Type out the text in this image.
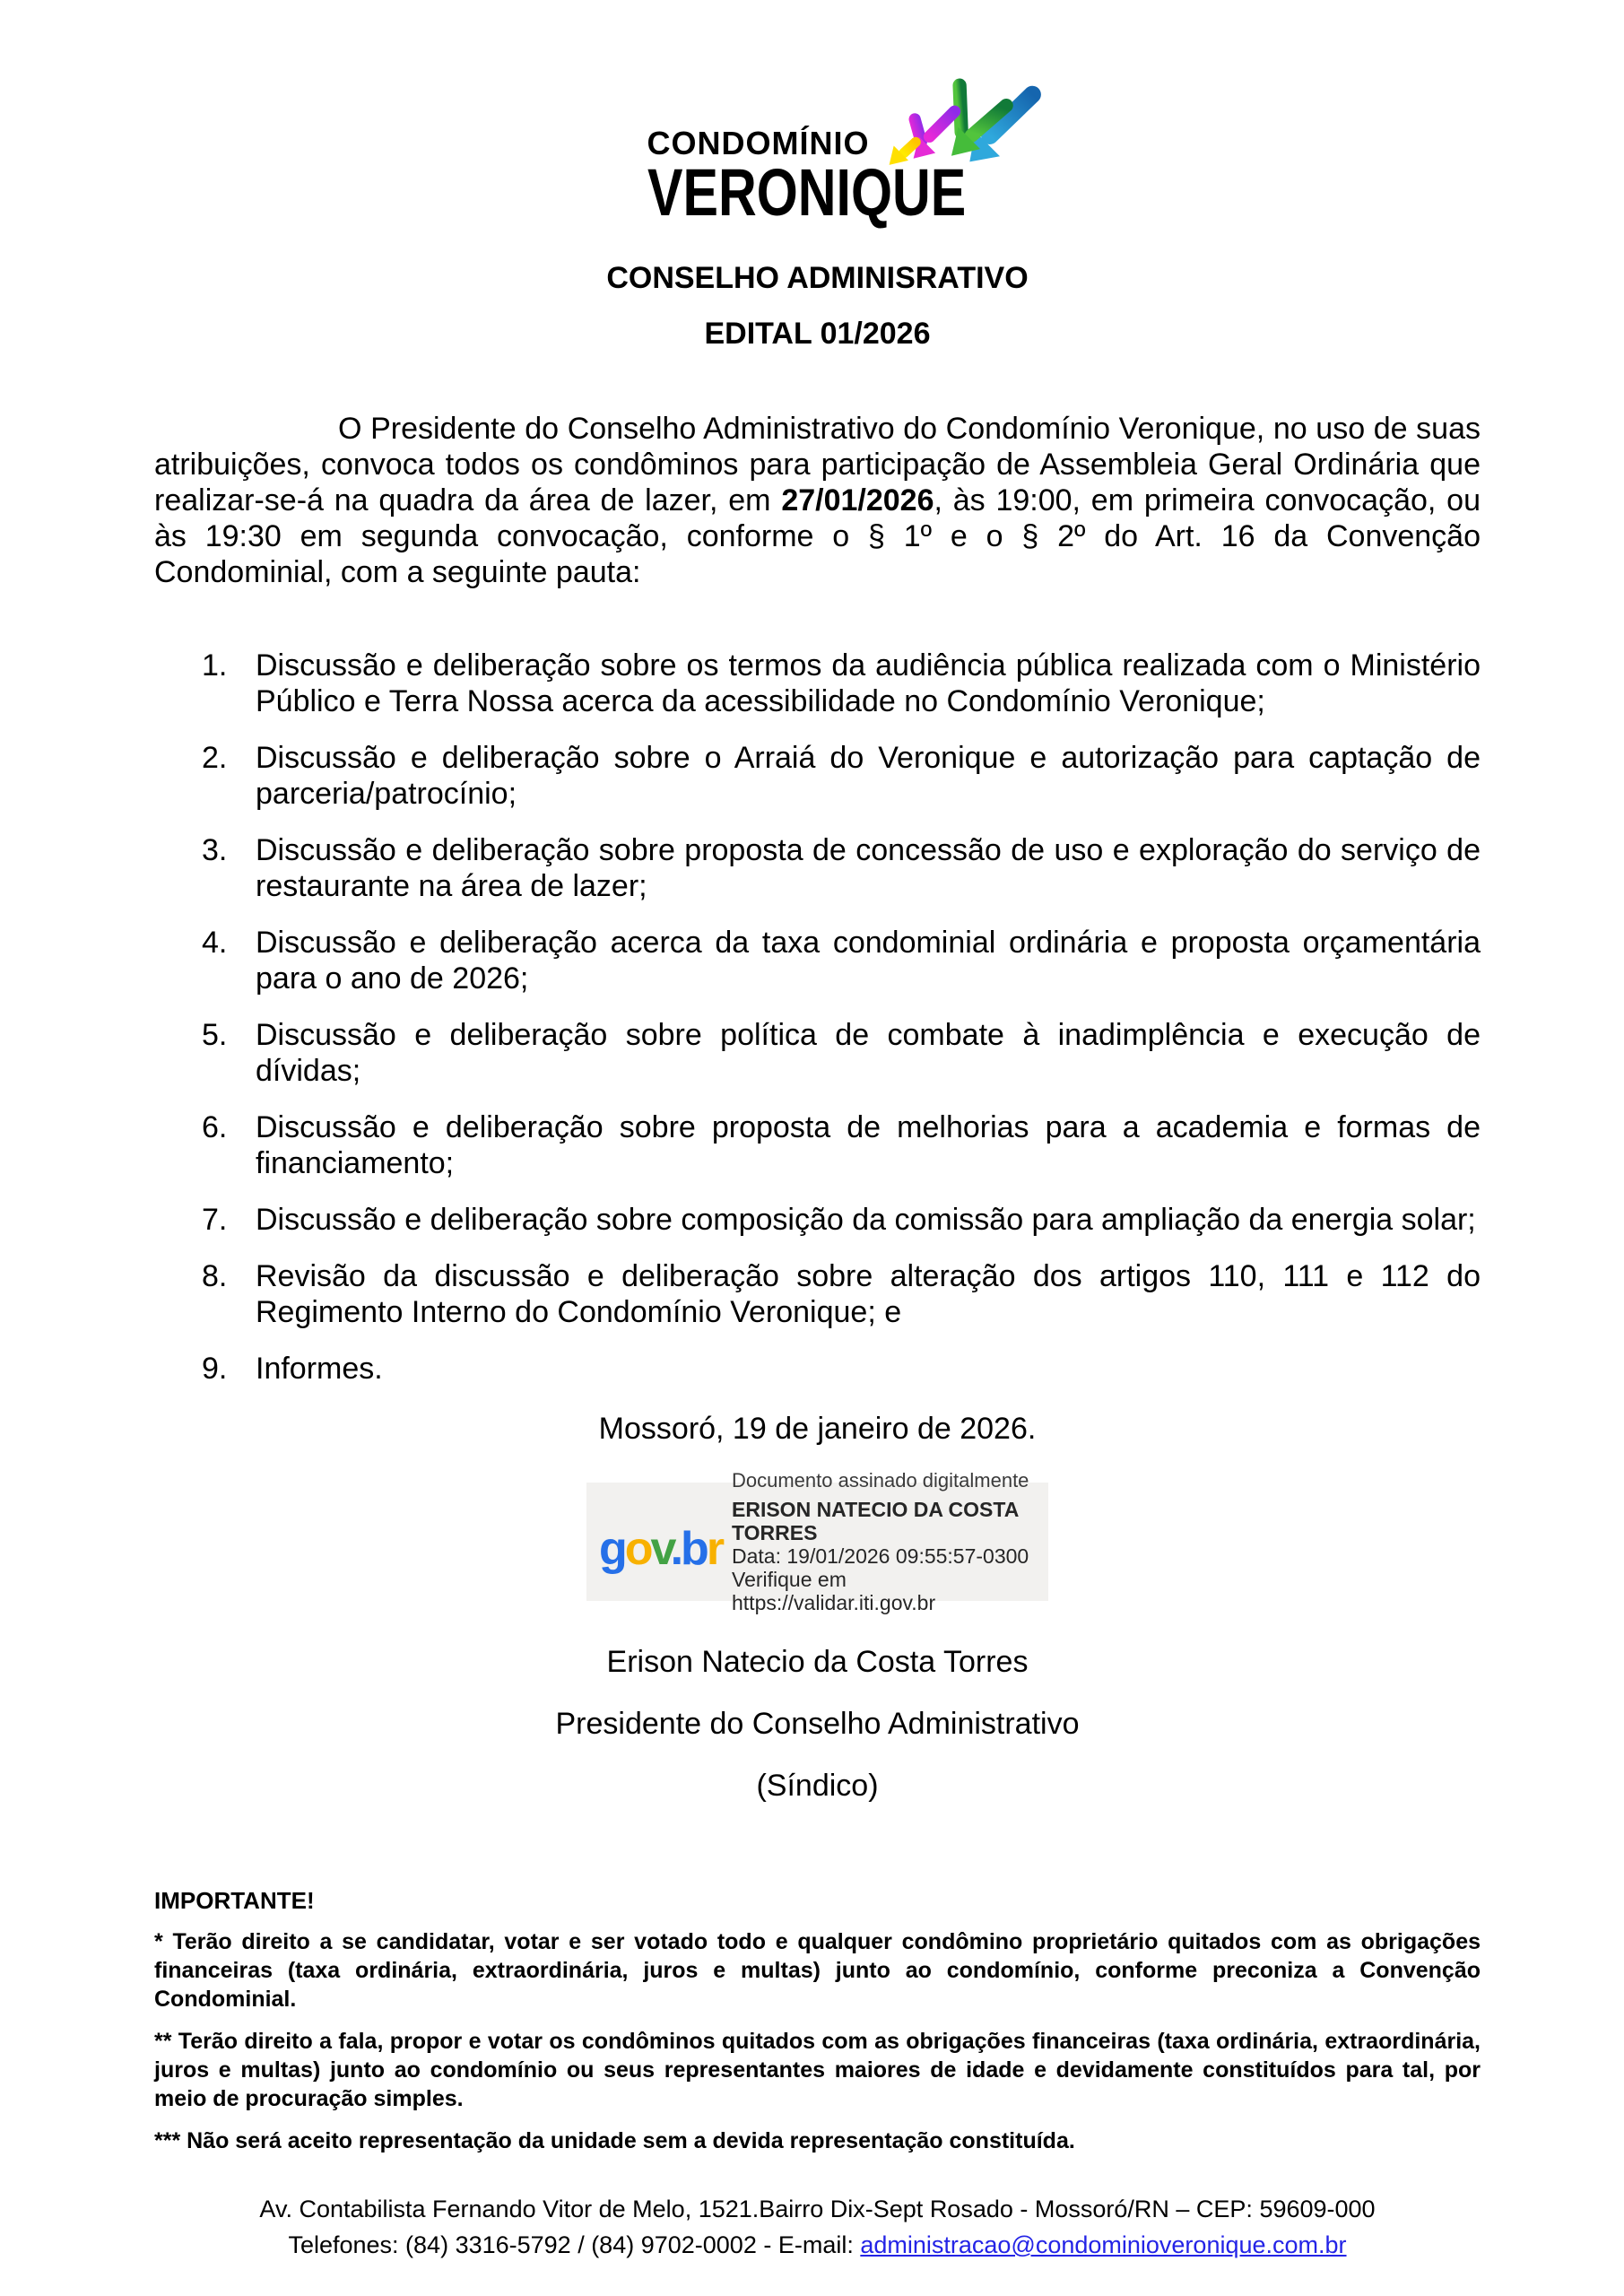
CONDOMÍNIO
VERONIQUE
CONSELHO ADMINISRATIVO
EDITAL 01/2026

O Presidente do Conselho Administrativo do Condomínio Veronique, no uso de suas atribuições, convoca todos os condôminos para participação de Assembleia Geral Ordinária que realizar-se-á na quadra da área de lazer, em 27/01/2026, às 19:00, em primeira convocação, ou às 19:30 em segunda convocação, conforme o § 1º e o § 2º do Art. 16 da Convenção Condominial, com a seguinte pauta:

1. Discussão e deliberação sobre os termos da audiência pública realizada com o Ministério Público e Terra Nossa acerca da acessibilidade no Condomínio Veronique;
2. Discussão e deliberação sobre o Arraiá do Veronique e autorização para captação de parceria/patrocínio;
3. Discussão e deliberação sobre proposta de concessão de uso e exploração do serviço de restaurante na área de lazer;
4. Discussão e deliberação acerca da taxa condominial ordinária e proposta orçamentária para o ano de 2026;
5. Discussão e deliberação sobre política de combate à inadimplência e execução de dívidas;
6. Discussão e deliberação sobre proposta de melhorias para a academia e formas de financiamento;
7. Discussão e deliberação sobre composição da comissão para ampliação da energia solar;
8. Revisão da discussão e deliberação sobre alteração dos artigos 110, 111 e 112 do Regimento Interno do Condomínio Veronique; e
9. Informes.
Mossoró, 19 de janeiro de 2026.
gov.br
Documento assinado digitalmente
ERISON NATECIO DA COSTA TORRES
Data: 19/01/2026 09:55:57-0300
Verifique em https://validar.iti.gov.br
Erison Natecio da Costa Torres
Presidente do Conselho Administrativo
(Síndico)
IMPORTANTE!

* Terão direito a se candidatar, votar e ser votado todo e qualquer condômino proprietário quitados com as obrigações financeiras (taxa ordinária, extraordinária, juros e multas) junto ao condomínio, conforme preconiza a Convenção Condominial.

** Terão direito a fala, propor e votar os condôminos quitados com as obrigações financeiras (taxa ordinária, extraordinária, juros e multas) junto ao condomínio ou seus representantes maiores de idade e devidamente constituídos para tal, por meio de procuração simples.

*** Não será aceito representação da unidade sem a devida representação constituída.

Av. Contabilista Fernando Vitor de Melo, 1521.Bairro Dix-Sept Rosado - Mossoró/RN – CEP: 59609-000
Telefones: (84) 3316-5792 / (84) 9702-0002 - E-mail: administracao@condominioveronique.com.br
